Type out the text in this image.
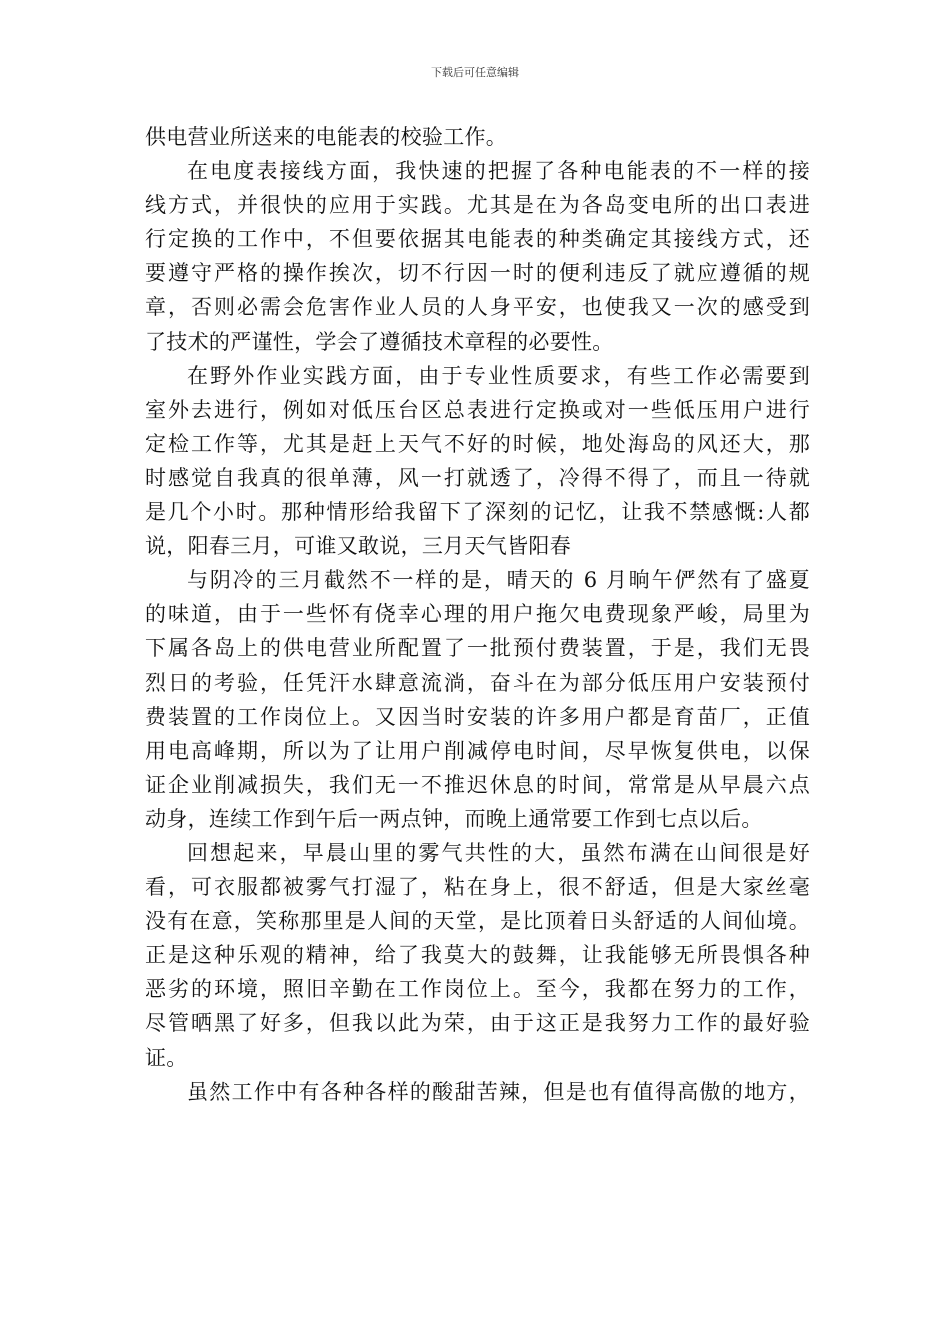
下载后可任意编辑
供电营业所送来的电能表的校验工作。
在电度表接线方面，我快速的把握了各种电能表的不一样的接
线方式，并很快的应用于实践。尤其是在为各岛变电所的出口表进
行定换的工作中，不但要依据其电能表的种类确定其接线方式，还
要遵守严格的操作挨次，切不行因一时的便利违反了就应遵循的规
章，否则必需会危害作业人员的人身平安，也使我又一次的感受到
了技术的严谨性，学会了遵循技术章程的必要性。
在野外作业实践方面，由于专业性质要求，有些工作必需要到
室外去进行，例如对低压台区总表进行定换或对一些低压用户进行
定检工作等，尤其是赶上天气不好的时候，地处海岛的风还大，那
时感觉自我真的很单薄，风一打就透了，冷得不得了，而且一待就
是几个小时。那种情形给我留下了深刻的记忆，让我不禁感慨:人都
说，阳春三月，可谁又敢说，三月天气皆阳春
与阴冷的三月截然不一样的是，晴天的 6 月晌午俨然有了盛夏
的味道，由于一些怀有侥幸心理的用户拖欠电费现象严峻，局里为
下属各岛上的供电营业所配置了一批预付费装置，于是，我们无畏
烈日的考验，任凭汗水肆意流淌，奋斗在为部分低压用户安装预付
费装置的工作岗位上。又因当时安装的许多用户都是育苗厂，正值
用电高峰期，所以为了让用户削减停电时间，尽早恢复供电，以保
证企业削减损失，我们无一不推迟休息的时间，常常是从早晨六点
动身，连续工作到午后一两点钟，而晚上通常要工作到七点以后。
回想起来，早晨山里的雾气共性的大，虽然布满在山间很是好
看，可衣服都被雾气打湿了，粘在身上，很不舒适，但是大家丝毫
没有在意，笑称那里是人间的天堂，是比顶着日头舒适的人间仙境。
正是这种乐观的精神，给了我莫大的鼓舞，让我能够无所畏惧各种
恶劣的环境，照旧辛勤在工作岗位上。至今，我都在努力的工作，
尽管晒黑了好多，但我以此为荣，由于这正是我努力工作的最好验
证。
虽然工作中有各种各样的酸甜苦辣，但是也有值得高傲的地方，
